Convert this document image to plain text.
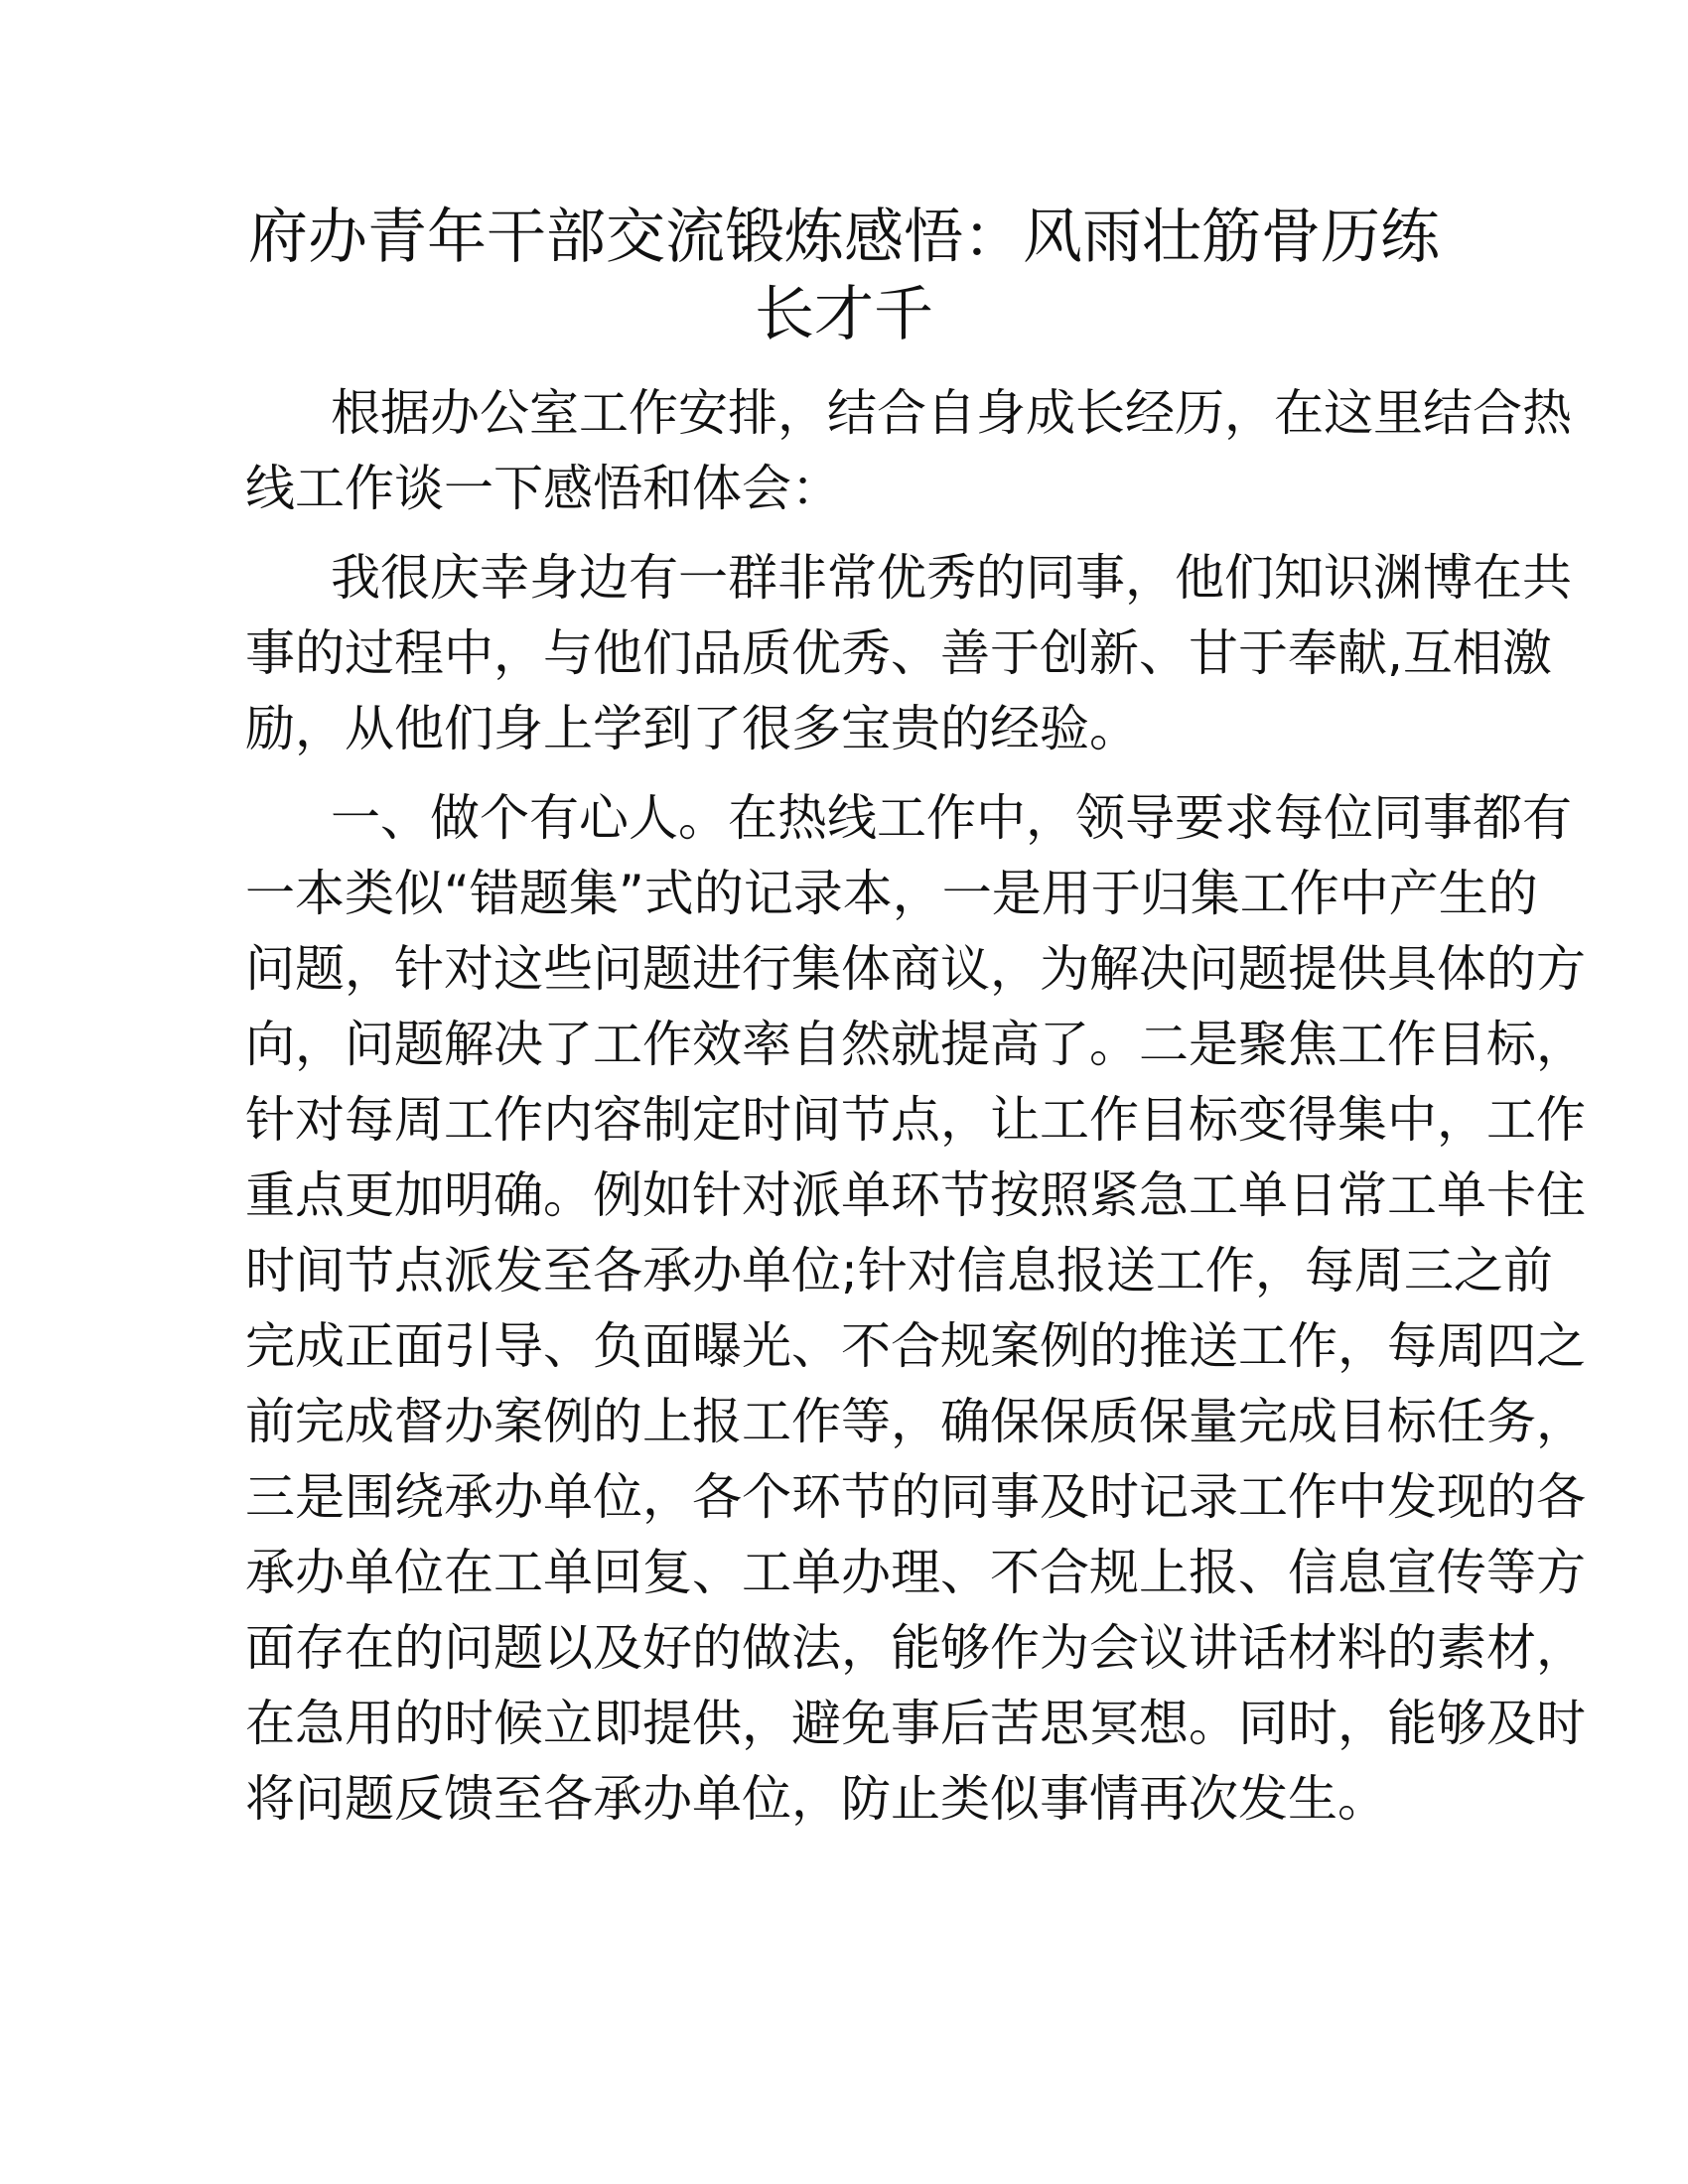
府办青年干部交流锻炼感悟：风雨壮筋骨历练
长才千
根据办公室工作安排，结合自身成长经历，在这里结合热
线工作谈一下感悟和体会：
我很庆幸身边有一群非常优秀的同事，他们知识渊博在共
事的过程中，与他们品质优秀、善于创新、甘于奉献,互相激
励，从他们身上学到了很多宝贵的经验。
一、做个有心人。在热线工作中，领导要求每位同事都有
一本类似“错题集”式的记录本，一是用于归集工作中产生的
问题，针对这些问题进行集体商议，为解决问题提供具体的方
向，问题解决了工作效率自然就提高了。二是聚焦工作目标，
针对每周工作内容制定时间节点，让工作目标变得集中，工作
重点更加明确。例如针对派单环节按照紧急工单日常工单卡住
时间节点派发至各承办单位;针对信息报送工作，每周三之前
完成正面引导、负面曝光、不合规案例的推送工作，每周四之
前完成督办案例的上报工作等，确保保质保量完成目标任务，
三是围绕承办单位，各个环节的同事及时记录工作中发现的各
承办单位在工单回复、工单办理、不合规上报、信息宣传等方
面存在的问题以及好的做法，能够作为会议讲话材料的素材，
在急用的时候立即提供，避免事后苦思冥想。同时，能够及时
将问题反馈至各承办单位，防止类似事情再次发生。
